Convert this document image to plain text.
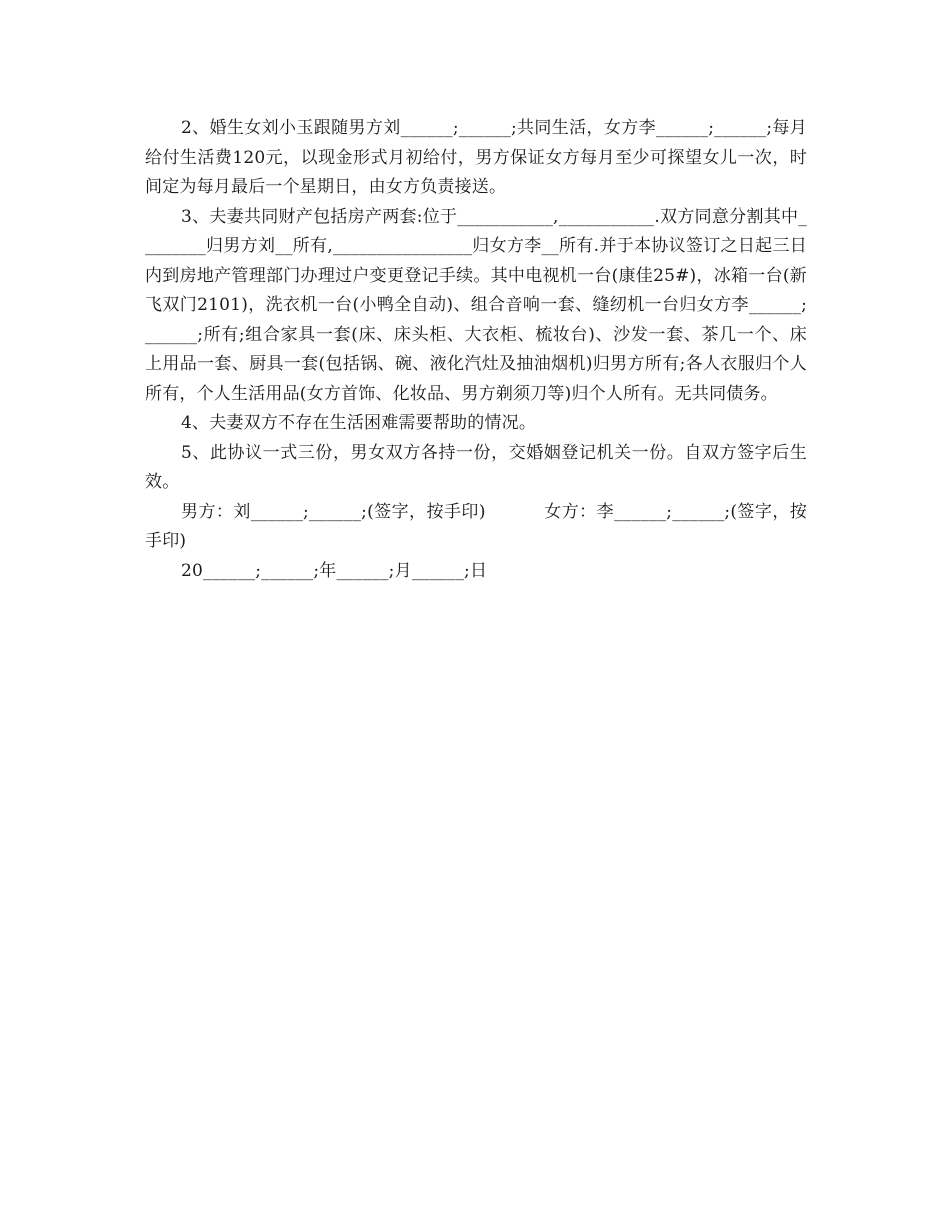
2、婚生女刘小玉跟随男方刘______;______;共同生活，女方李______;______;每月给付生活费120元，以现金形式月初给付，男方保证女方每月至少可探望女儿一次，时间定为每月最后一个星期日，由女方负责接送。

3、夫妻共同财产包括房产两套:位于___________,___________.双方同意分割其中________归男方刘__所有,________________归女方李__所有.并于本协议签订之日起三日内到房地产管理部门办理过户变更登记手续。其中电视机一台(康佳25#)，冰箱一台(新飞双门2101)，洗衣机一台(小鸭全自动)、组合音响一套、缝纫机一台归女方李______;______;所有;组合家具一套(床、床头柜、大衣柜、梳妆台)、沙发一套、茶几一个、床上用品一套、厨具一套(包括锅、碗、液化汽灶及抽油烟机)归男方所有;各人衣服归个人所有，个人生活用品(女方首饰、化妆品、男方剃须刀等)归个人所有。无共同债务。

4、夫妻双方不存在生活困难需要帮助的情况。

5、此协议一式三份，男女双方各持一份，交婚姻登记机关一份。自双方签字后生效。

男方：刘______;______;(签字，按手印)          女方：李______;______;(签字，按手印)

20______;______;年______;月______;日
